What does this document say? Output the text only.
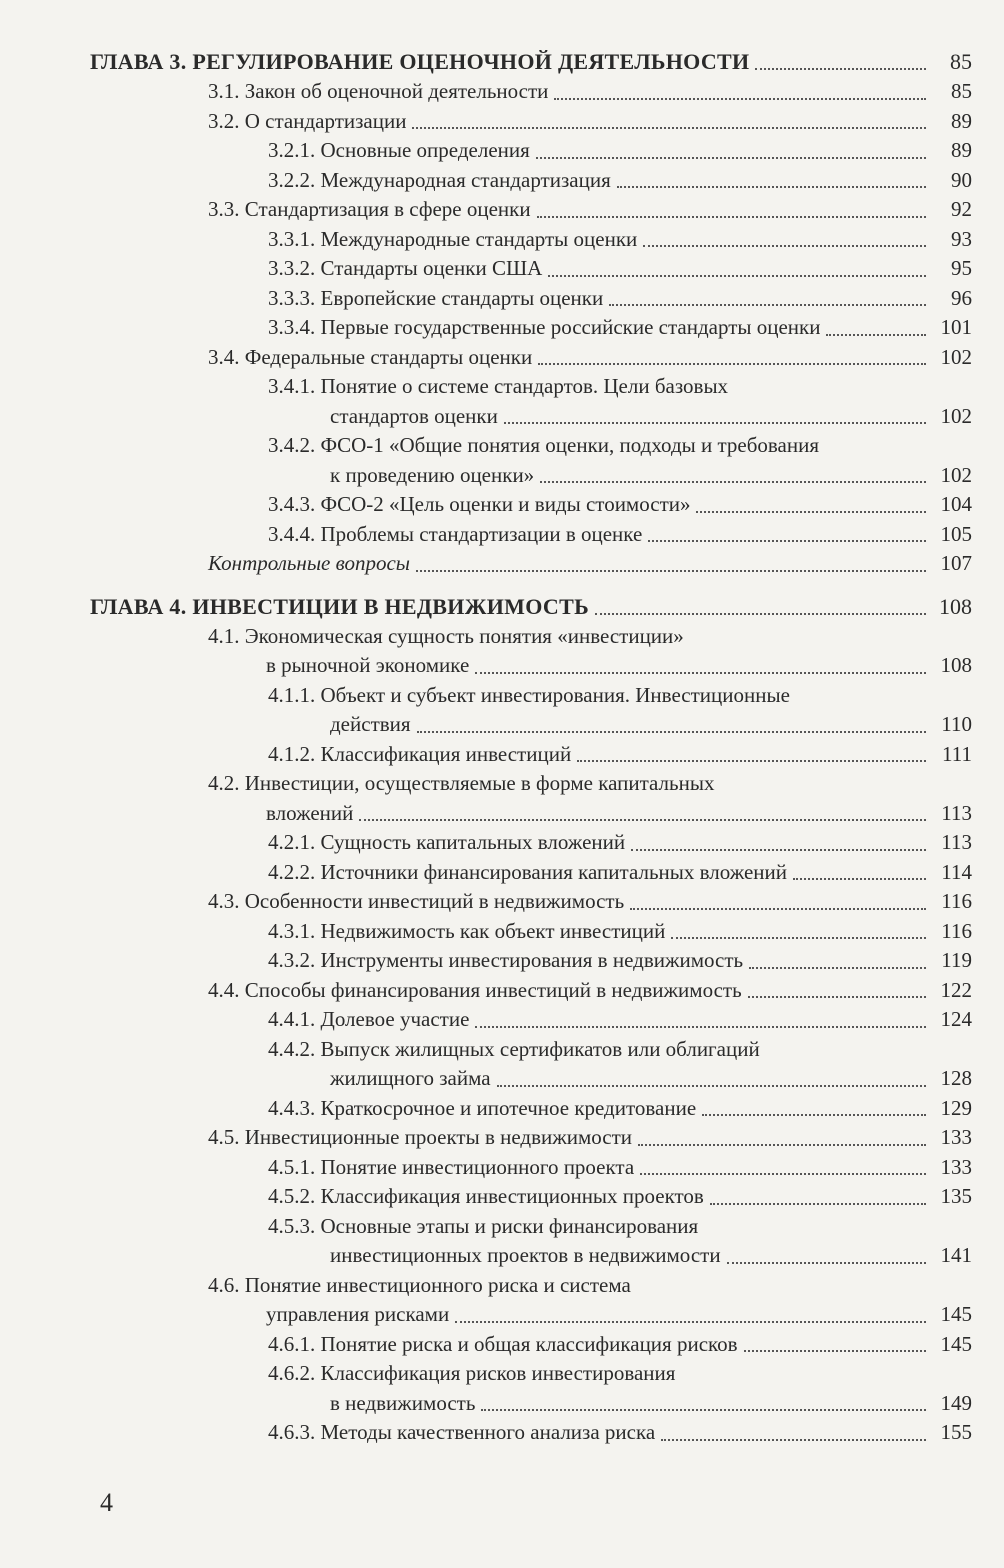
ГЛАВА 3. РЕГУЛИРОВАНИЕ ОЦЕНОЧНОЙ ДЕЯТЕЛЬНОСТИ	85
3.1. Закон об оценочной деятельности	85
3.2. О стандартизации	89
3.2.1. Основные определения	89
3.2.2. Международная стандартизация	90
3.3. Стандартизация в сфере оценки	92
3.3.1. Международные стандарты оценки	93
3.3.2. Стандарты оценки США	95
3.3.3. Европейские стандарты оценки	96
3.3.4. Первые государственные российские стандарты оценки	101
3.4. Федеральные стандарты оценки	102
3.4.1. Понятие о системе стандартов. Цели базовых
стандартов оценки	102
3.4.2. ФСО-1 «Общие понятия оценки, подходы и требования
к проведению оценки»	102
3.4.3. ФСО-2 «Цель оценки и виды стоимости»	104
3.4.4. Проблемы стандартизации в оценке	105
Контрольные вопросы	107
ГЛАВА 4. ИНВЕСТИЦИИ В НЕДВИЖИМОСТЬ	108
4.1. Экономическая сущность понятия «инвестиции»
в рыночной экономике	108
4.1.1. Объект и субъект инвестирования. Инвестиционные
действия	110
4.1.2. Классификация инвестиций	111
4.2. Инвестиции, осуществляемые в форме капитальных
вложений	113
4.2.1. Сущность капитальных вложений	113
4.2.2. Источники финансирования капитальных вложений	114
4.3. Особенности инвестиций в недвижимость	116
4.3.1. Недвижимость как объект инвестиций	116
4.3.2. Инструменты инвестирования в недвижимость	119
4.4. Способы финансирования инвестиций в недвижимость	122
4.4.1. Долевое участие	124
4.4.2. Выпуск жилищных сертификатов или облигаций
жилищного займа	128
4.4.3. Краткосрочное и ипотечное кредитование	129
4.5. Инвестиционные проекты в недвижимости	133
4.5.1. Понятие инвестиционного проекта	133
4.5.2. Классификация инвестиционных проектов	135
4.5.3. Основные этапы и риски финансирования
инвестиционных проектов в недвижимости	141
4.6. Понятие инвестиционного риска и система
управления рисками	145
4.6.1. Понятие риска и общая классификация рисков	145
4.6.2. Классификация рисков инвестирования
в недвижимость	149
4.6.3. Методы качественного анализа риска	155
4
